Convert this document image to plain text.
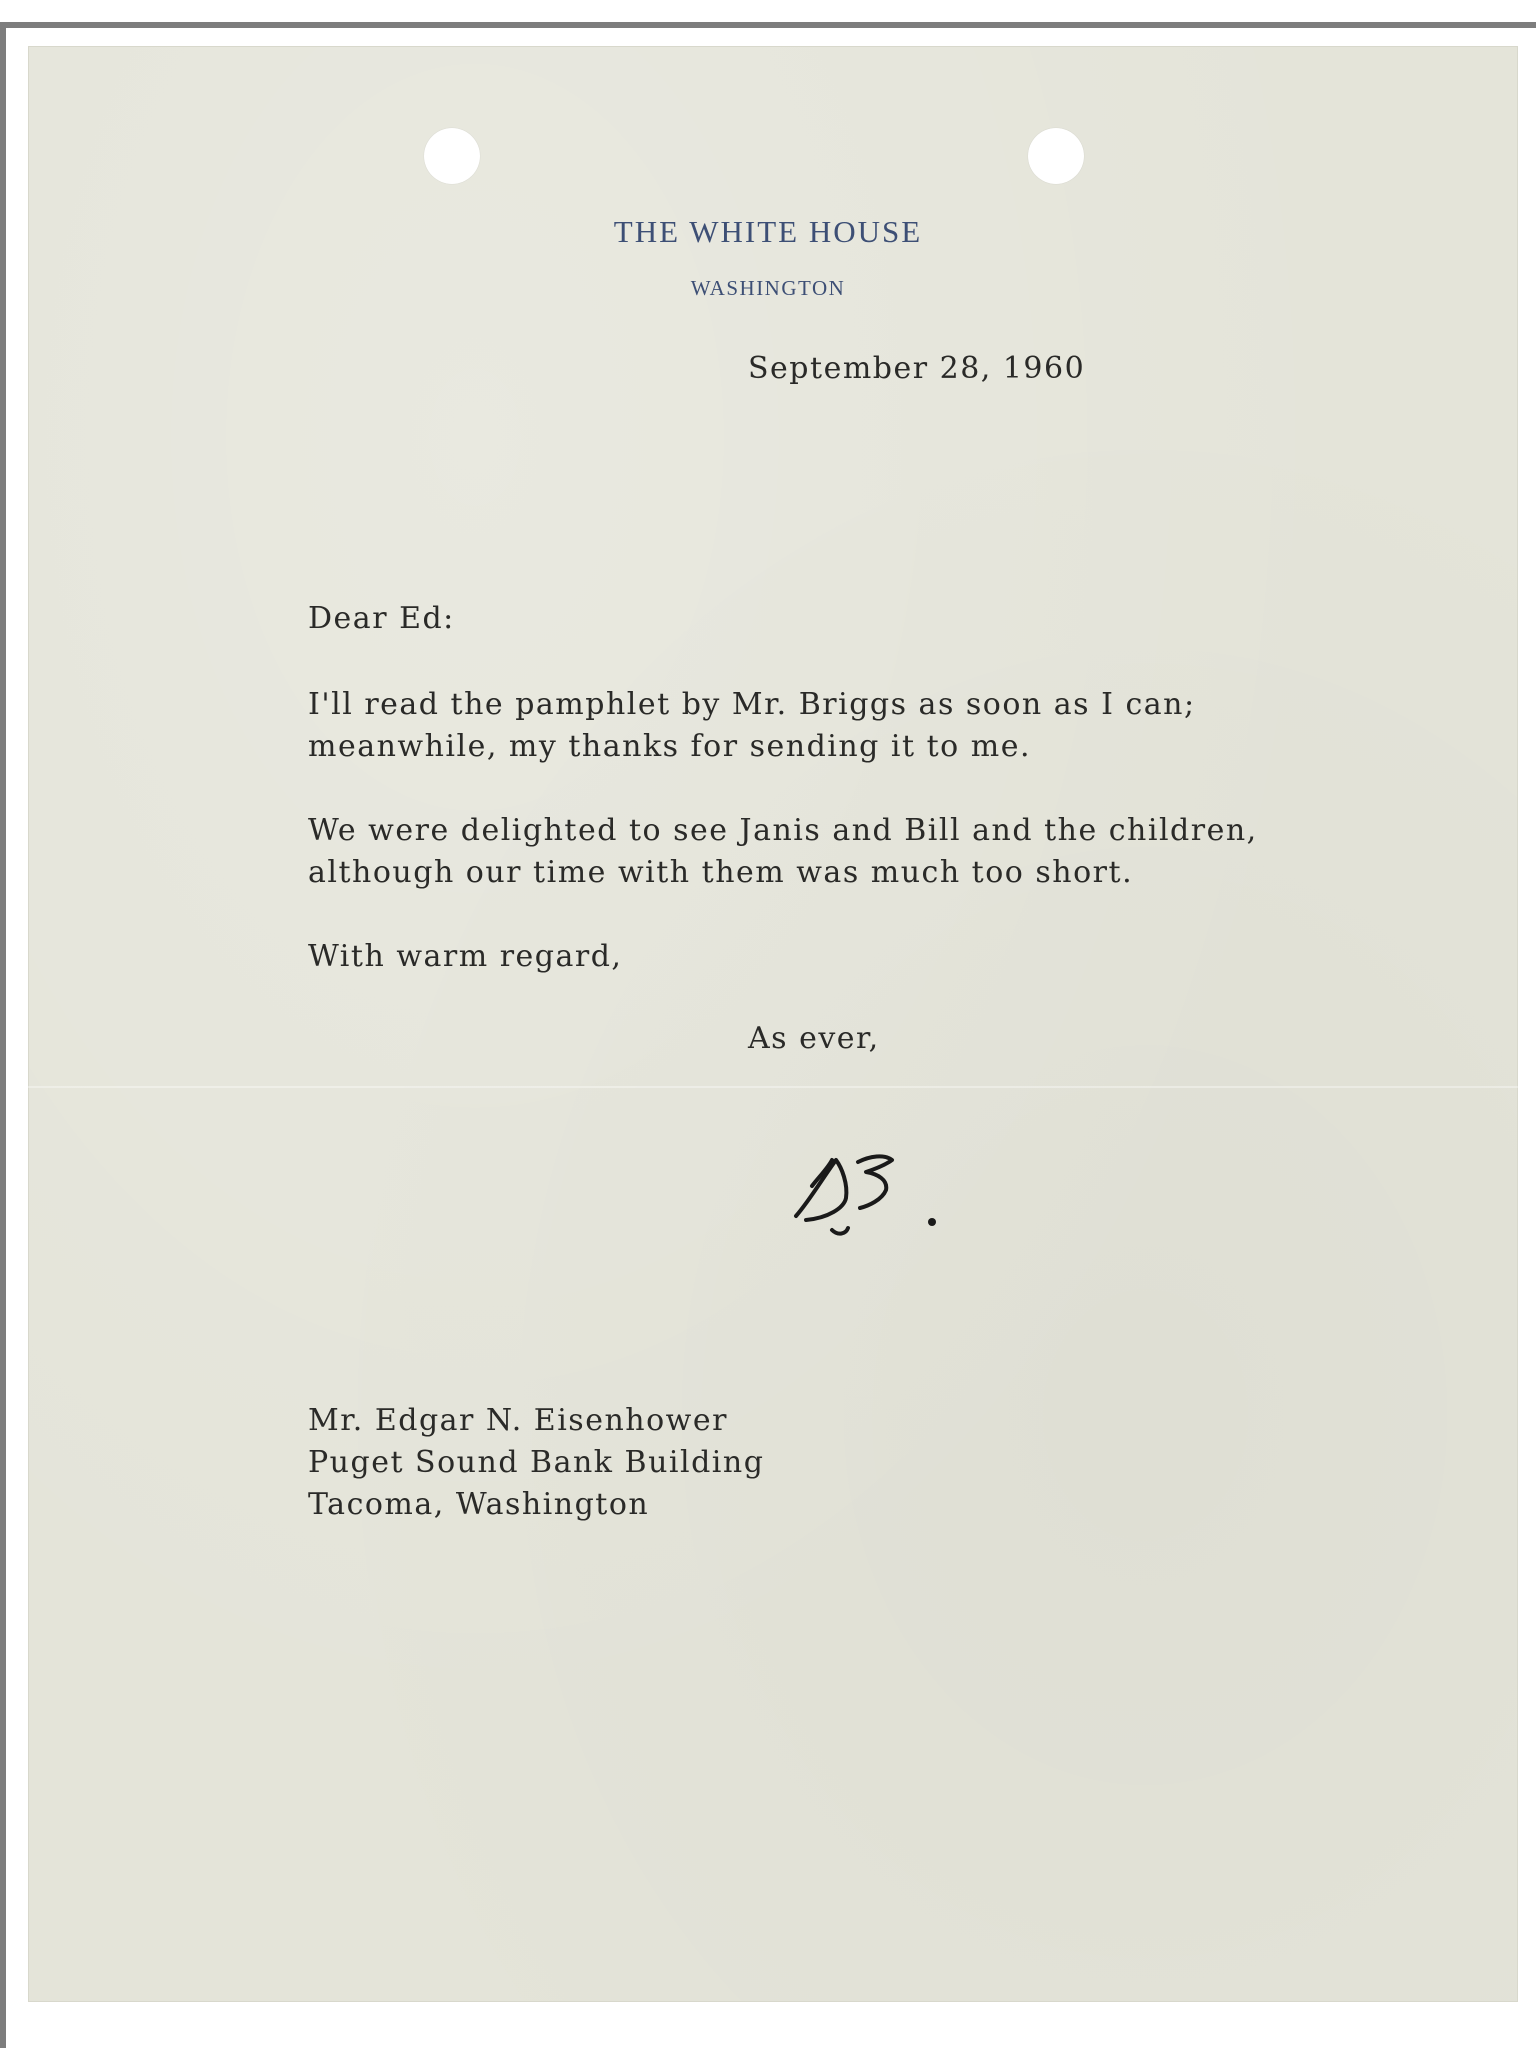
THE WHITE HOUSE
WASHINGTON
September 28, 1960
Dear Ed:
I'll read the pamphlet by Mr. Briggs as soon as I can;
meanwhile, my thanks for sending it to me.
We were delighted to see Janis and Bill and the children,
although our time with them was much too short.
With warm regard,
As ever,
Mr. Edgar N. Eisenhower
Puget Sound Bank Building
Tacoma, Washington
